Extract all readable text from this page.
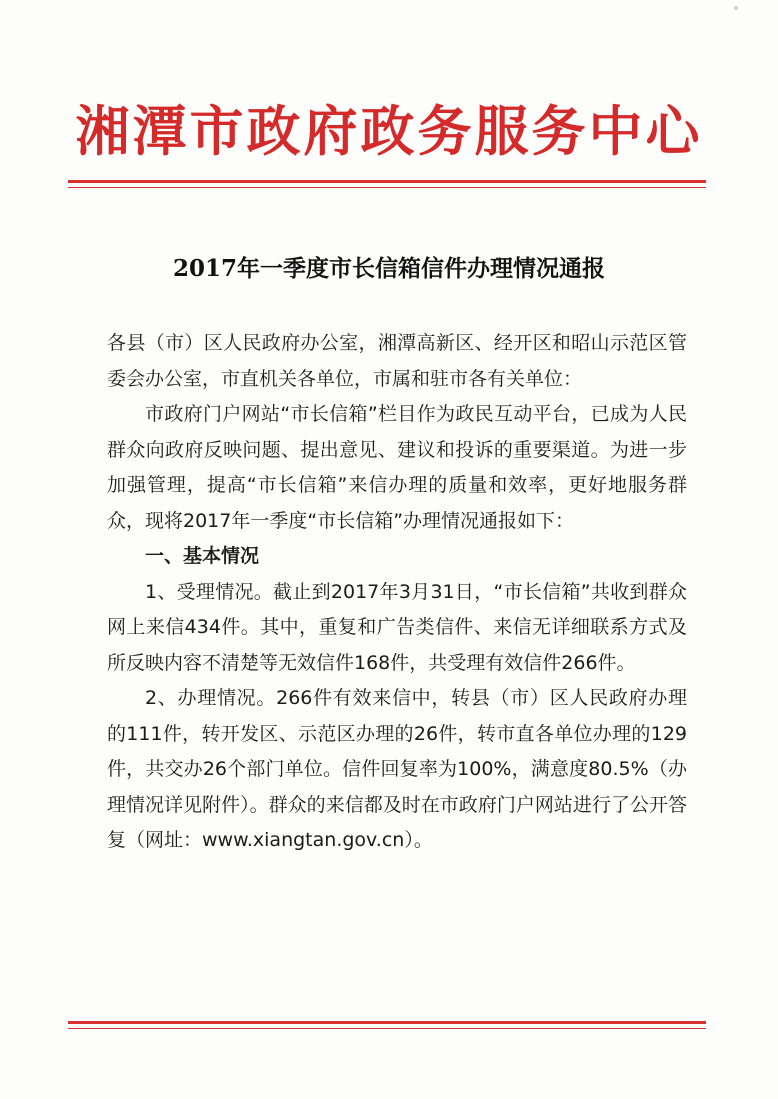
湘潭市政府政务服务中心
2017年一季度市长信箱信件办理情况通报

各县（市）区人民政府办公室，湘潭高新区、经开区和昭山示范区管委会办公室，市直机关各单位，市属和驻市各有关单位：

市政府门户网站“市长信箱”栏目作为政民互动平台，已成为人民群众向政府反映问题、提出意见、建议和投诉的重要渠道。为进一步加强管理，提高“市长信箱”来信办理的质量和效率，更好地服务群众，现将2017年一季度“市长信箱”办理情况通报如下：

一、基本情况

1、受理情况。截止到2017年3月31日，“市长信箱”共收到群众网上来信434件。其中，重复和广告类信件、来信无详细联系方式及所反映内容不清楚等无效信件168件，共受理有效信件266件。

2、办理情况。266件有效来信中，转县（市）区人民政府办理的111件，转开发区、示范区办理的26件，转市直各单位办理的129件，共交办26个部门单位。信件回复率为100%，满意度80.5%（办理情况详见附件）。群众的来信都及时在市政府门户网站进行了公开答复（网址：www.xiangtan.gov.cn）。
